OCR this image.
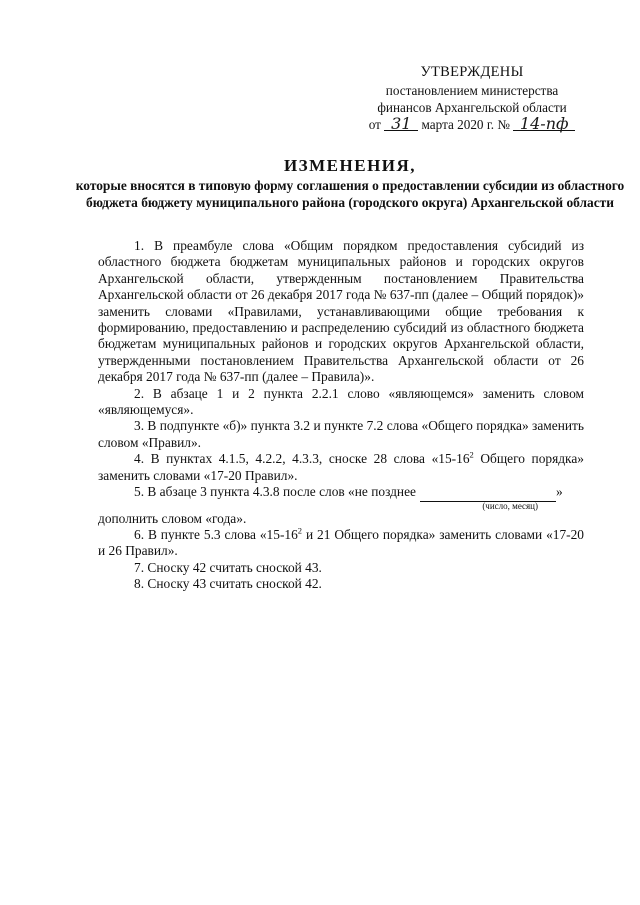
УТВЕРЖДЕНЫ
постановлением министерства
финансов Архангельской области
от 31 марта 2020 г. № 14-пф
ИЗМЕНЕНИЯ,
которые вносятся в типовую форму соглашения о предоставлении субсидии из областного бюджета бюджету муниципального района (городского округа) Архангельской области

1. В преамбуле слова «Общим порядком предоставления субсидий из областного бюджета бюджетам муниципальных районов и городских округов Архангельской области, утвержденным постановлением Правительства Архангельской области от 26 декабря 2017 года № 637-пп (далее – Общий порядок)» заменить словами «Правилами, устанавливающими общие требования к формированию, предоставлению и распределению субсидий из областного бюджета бюджетам муниципальных районов и городских округов Архангельской области, утвержденными постановлением Правительства Архангельской области от 26 декабря 2017 года № 637-пп (далее – Правила)».

2. В абзаце 1 и 2 пункта 2.2.1 слово «являющемся» заменить словом «являющемуся».

3. В подпункте «б)» пункта 3.2 и пункте 7.2 слова «Общего порядка» заменить словом «Правил».

4. В пунктах 4.1.5, 4.2.2, 4.3.3, сноске 28 слова «$15-16^2$ Общего порядка» заменить словами «17-20 Правил».

5. В абзаце 3 пункта 4.3.8 после слов «не позднее	»

(число, месяц)

дополнить словом «года».

6. В пункте 5.3 слова «$15-16^2$ и 21 Общего порядка» заменить словами «17-20 и 26 Правил».

7. Сноску 42 считать сноской 43.

8. Сноску 43 считать сноской 42.
